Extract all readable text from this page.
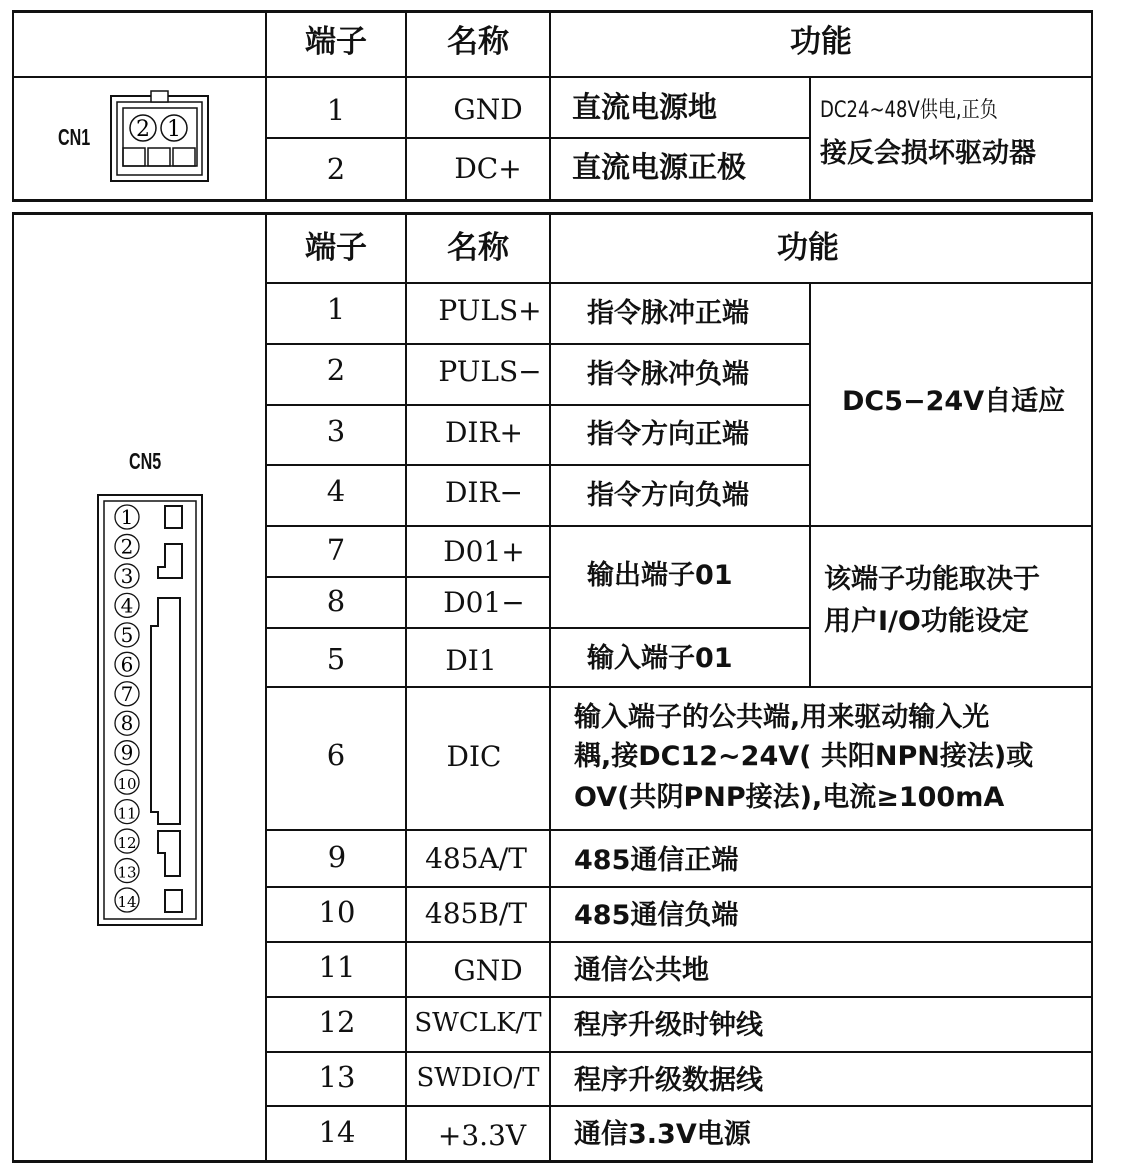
端子	名称	功能
CN1 2 1
1	GND	直流电源地
2	DC+	直流电源正极
DC24~48V供电,正负
接反会损坏驱动器
端子	名称	功能
CN5
1
2
3
4
5
6
7
8
9
10
11
12
13
14
1	PULS+	指令脉冲正端
2	PULS−	指令脉冲负端
3	DIR+	指令方向正端
4	DIR−	指令方向负端
DC5−24V自适应
7	D01+
8	D01−
输出端子01
5	DI1	输入端子01
该端子功能取决于
用户I/O功能设定
6	DIC
输入端子的公共端,用来驱动输入光
耦,接DC12~24V( 共阳NPN接法)或
OV(共阴PNP接法),电流≥100mA
9	485A/T	485通信正端
10	485B/T	485通信负端
11	GND	通信公共地
12	SWCLK/T 程序升级时钟线
13	SWDIO/T	程序升级数据线
14	+3.3V	通信3.3V电源
